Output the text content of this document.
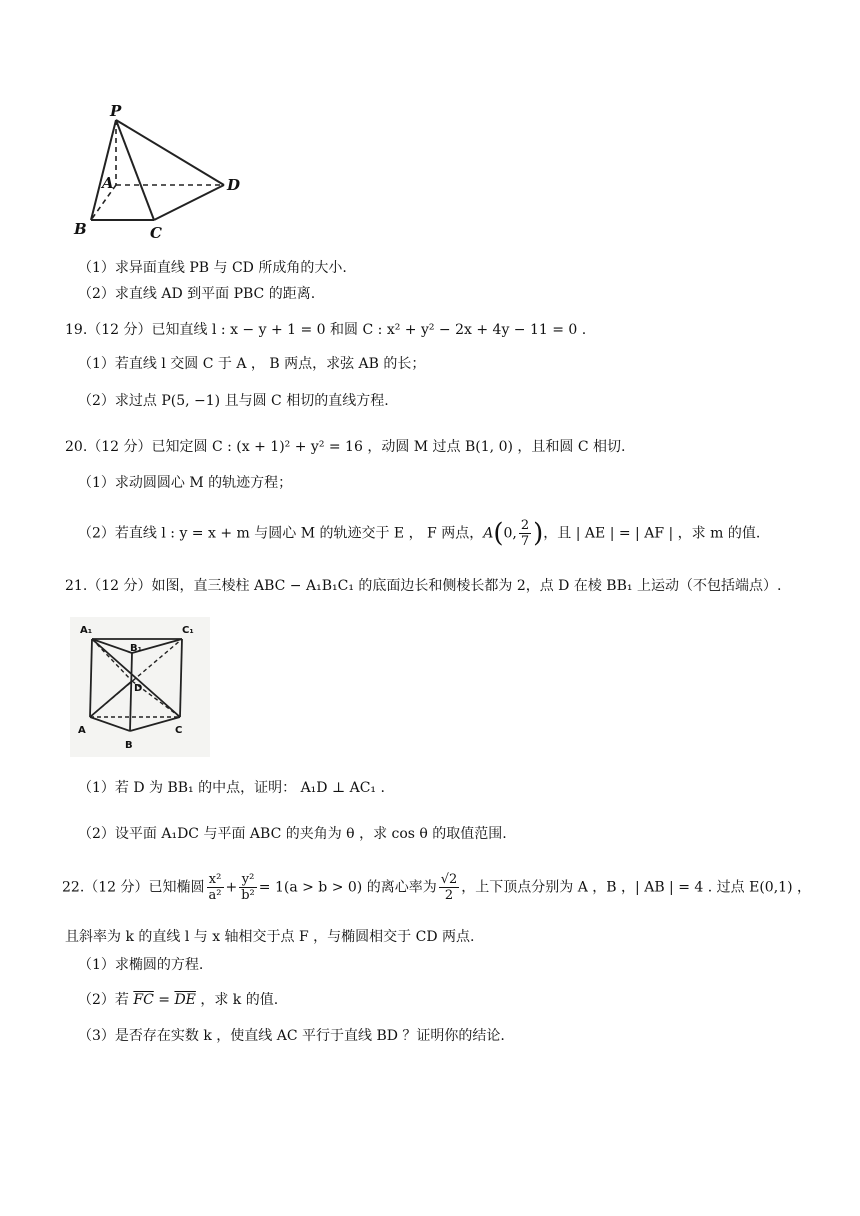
P
A	D
B	C
（1）求异面直线 PB 与 CD 所成角的大小.
（2）求直线 AD 到平面 PBC 的距离.
19.（12 分）已知直线 l : x − y + 1 = 0 和圆 C : x² + y² − 2x + 4y − 11 = 0 .
（1）若直线 l 交圆 C 于 A ， B 两点，求弦 AB 的长；
（2）求过点 P(5, −1) 且与圆 C 相切的直线方程.
20.（12 分）已知定圆 C : (x + 1)² + y² = 16 ，动圆 M 过点 B(1, 0) ，且和圆 C 相切.
（1）求动圆圆心 M 的轨迹方程；
（2）若直线 l : y = x + m 与圆心 M 的轨迹交于 E ， F 两点，A(0, $\frac{2}{7}$ )，且 | AE | = | AF | ，求 m 的值.
21.（12 分）如图，直三棱柱 ABC − A₁B₁C₁ 的底面边长和侧棱长都为 2，点 D 在棱 BB₁ 上运动（不包括端点）.
A₁	C₁
B₁
D
A
B
C
（1）若 D 为 BB₁ 的中点，证明： A₁D ⊥ AC₁ .
（2）设平面 A₁DC 与平面 ABC 的夹角为 θ ，求 cos θ 的取值范围.
22.（12 分）已知椭圆 $\frac{\text{x²}}{\text{a²}} + \frac{\text{y²}}{\text{b²}} = 1(a > b > 0)$ 的离心率为 $\frac{√2}{2}$ ，上下顶点分别为 A ，B ，| AB | = 4 . 过点 E(0,1) ，
且斜率为 k 的直线 l 与 x 轴相交于点 F ，与椭圆相交于 CD 两点.
（1）求椭圆的方程.
（2）若 $\overline{FC} = \overline{DE}$ ，求 k 的值.
（3）是否存在实数 k ，使直线 AC 平行于直线 BD ？证明你的结论.
